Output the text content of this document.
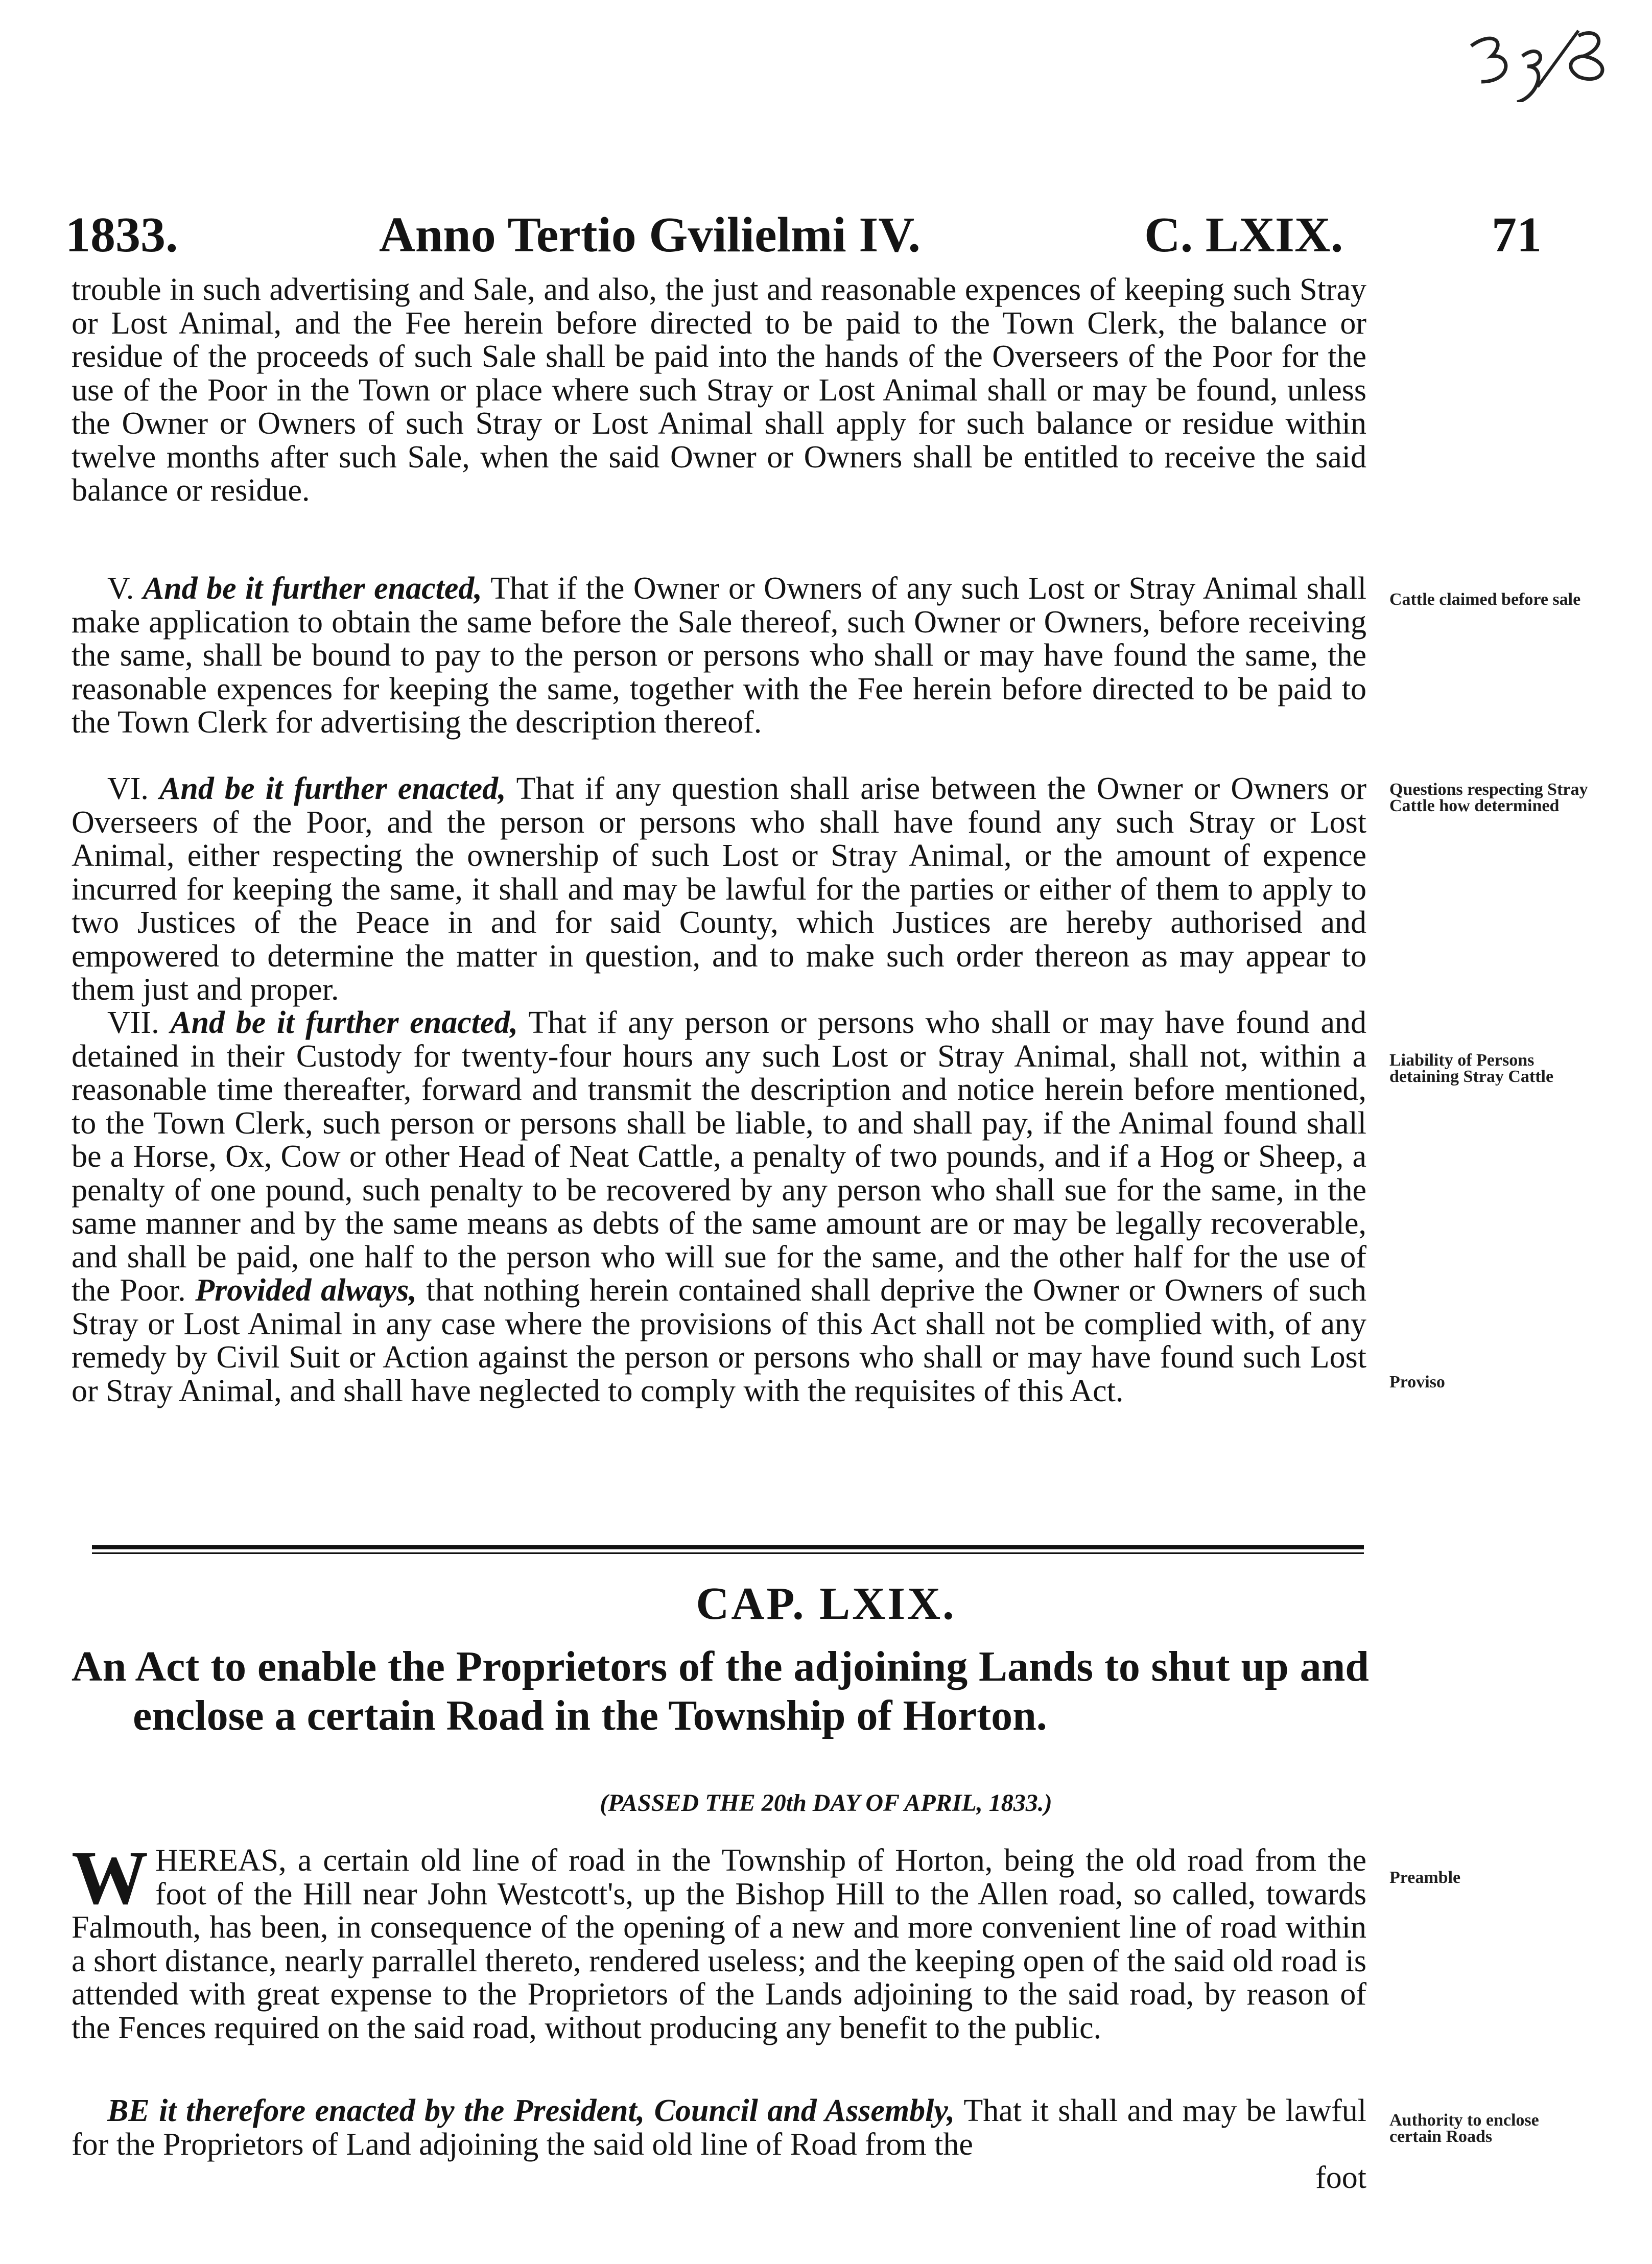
1833.	Anno Tertio Gvilielmi IV.	C. LXIX.	71

trouble in such advertising and Sale, and also, the just and reasonable expences of keeping such Stray or Lost Animal, and the Fee herein before directed to be paid to the Town Clerk, the balance or residue of the proceeds of such Sale shall be paid into the hands of the Overseers of the Poor for the use of the Poor in the Town or place where such Stray or Lost Animal shall or may be found, unless the Owner or Owners of such Stray or Lost Animal shall apply for such balance or residue within twelve months after such Sale, when the said Owner or Owners shall be entitled to receive the said balance or residue.

V. And be it further enacted, That if the Owner or Owners of any such Lost or Stray Animal shall make application to obtain the same before the Sale thereof, such Owner or Owners, before receiving the same, shall be bound to pay to the person or persons who shall or may have found the same, the reasonable expences for keeping the same, together with the Fee herein before directed to be paid to the Town Clerk for advertising the description thereof.

Cattle claimed before sale

VI. And be it further enacted, That if any question shall arise between the Owner or Owners or Overseers of the Poor, and the person or persons who shall have found any such Stray or Lost Animal, either respecting the ownership of such Lost or Stray Animal, or the amount of expence incurred for keeping the same, it shall and may be lawful for the parties or either of them to apply to two Justices of the Peace in and for said County, which Justices are hereby authorised and empowered to determine the matter in question, and to make such order thereon as may appear to them just and proper.

Questions respecting Stray Cattle how determined

VII. And be it further enacted, That if any person or persons who shall or may have found and detained in their Custody for twenty-four hours any such Lost or Stray Animal, shall not, within a reasonable time thereafter, forward and transmit the description and notice herein before mentioned, to the Town Clerk, such person or persons shall be liable, to and shall pay, if the Animal found shall be a Horse, Ox, Cow or other Head of Neat Cattle, a penalty of two pounds, and if a Hog or Sheep, a penalty of one pound, such penalty to be recovered by any person who shall sue for the same, in the same manner and by the same means as debts of the same amount are or may be legally recoverable, and shall be paid, one half to the person who will sue for the same, and the other half for the use of the Poor. Provided always, that nothing herein contained shall deprive the Owner or Owners of such Stray or Lost Animal in any case where the provisions of this Act shall not be complied with, of any remedy by Civil Suit or Action against the person or persons who shall or may have found such Lost or Stray Animal, and shall have neglected to comply with the requisites of this Act.

Liability of Persons detaining Stray Cattle
Proviso
CAP. LXIX.
An Act to enable the Proprietors of the adjoining Lands to shut up and enclose a certain Road in the Township of Horton.
(PASSED THE 20th DAY OF APRIL, 1833.)

WHEREAS, a certain old line of road in the Township of Horton, being the old road from the foot of the Hill near John Westcott's, up the Bishop Hill to the Allen road, so called, towards Falmouth, has been, in consequence of the opening of a new and more convenient line of road within a short distance, nearly parrallel thereto, rendered useless; and the keeping open of the said old road is attended with great expense to the Proprietors of the Lands adjoining to the said road, by reason of the Fences required on the said road, without producing any benefit to the public.

Preamble

BE it therefore enacted by the President, Council and Assembly, That it shall and may be lawful for the Proprietors of Land adjoining the said old line of Road from the

foot

Authority to enclose certain Roads
